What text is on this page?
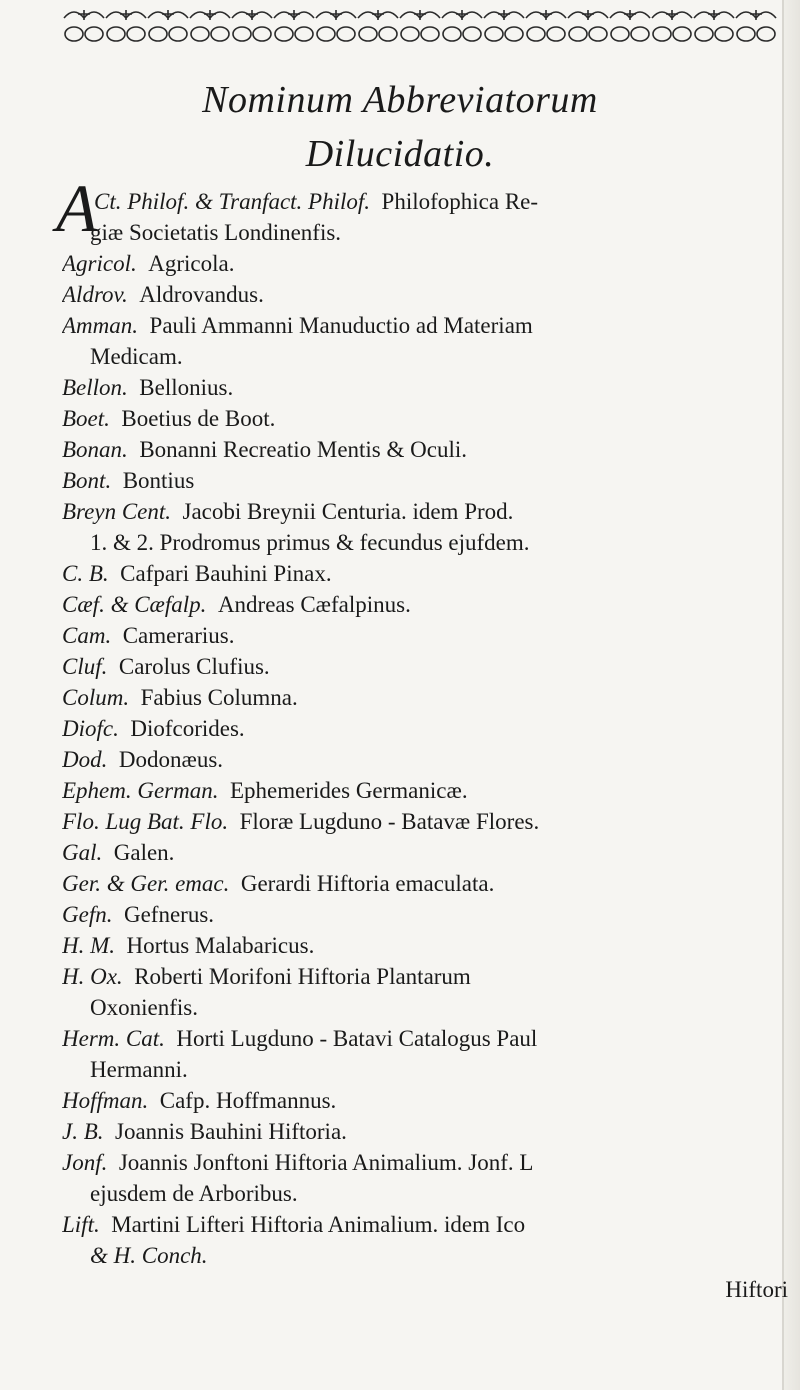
Nominum Abbreviatorum
Dilucidatio.
A
Ct. Philof. & Tranfact. Philof. Philofophica Re-
giæ Societatis Londinenfis.
Agricol. Agricola.
Aldrov. Aldrovandus.
Amman. Pauli Ammanni Manuductio ad Materiam
Medicam.
Bellon. Bellonius.
Boet. Boetius de Boot.
Bonan. Bonanni Recreatio Mentis & Oculi.
Bont. Bontius
Breyn Cent. Jacobi Breynii Centuria. idem Prod.
1. & 2. Prodromus primus & fecundus ejufdem.
C. B. Cafpari Bauhini Pinax.
Cæf. & Cæfalp. Andreas Cæfalpinus.
Cam. Camerarius.
Cluf. Carolus Clufius.
Colum. Fabius Columna.
Diofc. Diofcorides.
Dod. Dodonæus.
Ephem. German. Ephemerides Germanicæ.
Flo. Lug Bat. Flo. Floræ Lugduno - Batavæ Flores.
Gal. Galen.
Ger. & Ger. emac. Gerardi Hiftoria emaculata.
Gefn. Gefnerus.
H. M. Hortus Malabaricus.
H. Ox. Roberti Morifoni Hiftoria Plantarum
Oxonienfis.
Herm. Cat. Horti Lugduno - Batavi Catalogus Paul
Hermanni.
Hoffman. Cafp. Hoffmannus.
J. B. Joannis Bauhini Hiftoria.
Jonf. Joannis Jonftoni Hiftoria Animalium. Jonf. L
ejusdem de Arboribus.
Lift. Martini Lifteri Hiftoria Animalium. idem Ico
& H. Conch.
Hiftori
